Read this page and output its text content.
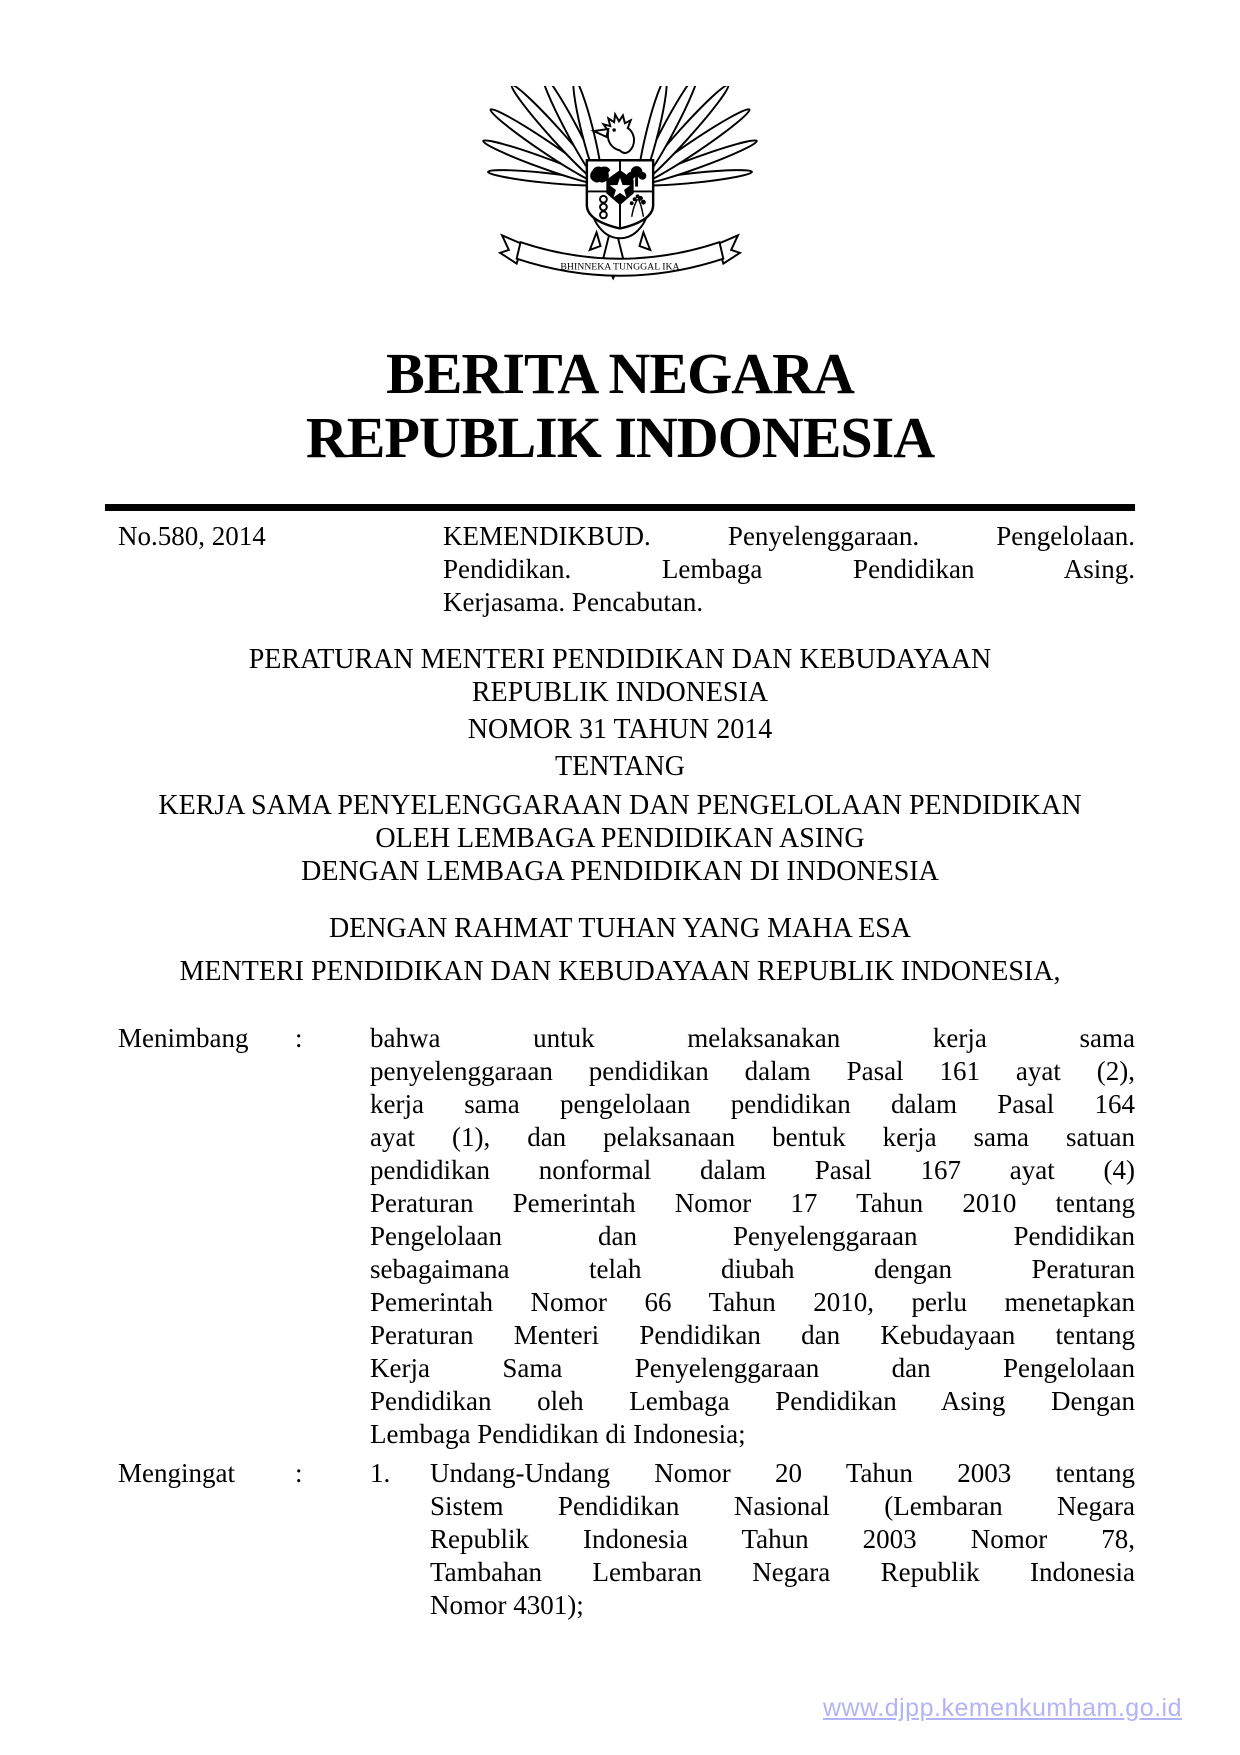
BHINNEKA TUNGGAL IKA
BERITA NEGARA
REPUBLIK INDONESIA
No.580, 2014	KEMENDIKBUD. Penyelenggaraan. Pengelolaan.
Pendidikan. Lembaga Pendidikan Asing.
Kerjasama. Pencabutan.
PERATURAN MENTERI PENDIDIKAN DAN KEBUDAYAAN
REPUBLIK INDONESIA
NOMOR 31 TAHUN 2014
TENTANG
KERJA SAMA PENYELENGGARAAN DAN PENGELOLAAN PENDIDIKAN
OLEH LEMBAGA PENDIDIKAN ASING
DENGAN LEMBAGA PENDIDIKAN DI INDONESIA
DENGAN RAHMAT TUHAN YANG MAHA ESA
MENTERI PENDIDIKAN DAN KEBUDAYAAN REPUBLIK INDONESIA,
Menimbang	:	bahwa untuk melaksanakan kerja sama
penyelenggaraan pendidikan dalam Pasal 161 ayat (2),
kerja sama pengelolaan pendidikan dalam Pasal 164
ayat (1), dan pelaksanaan bentuk kerja sama satuan
pendidikan nonformal dalam Pasal 167 ayat (4)
Peraturan Pemerintah Nomor 17 Tahun 2010 tentang
Pengelolaan dan Penyelenggaraan Pendidikan
sebagaimana telah diubah dengan Peraturan
Pemerintah Nomor 66 Tahun 2010, perlu menetapkan
Peraturan Menteri Pendidikan dan Kebudayaan tentang
Kerja Sama Penyelenggaraan dan Pengelolaan
Pendidikan oleh Lembaga Pendidikan Asing Dengan
Lembaga Pendidikan di Indonesia;
Mengingat	:	1.	Undang-Undang Nomor 20 Tahun 2003 tentang
Sistem Pendidikan Nasional (Lembaran Negara
Republik Indonesia Tahun 2003 Nomor 78,
Tambahan Lembaran Negara Republik Indonesia
Nomor 4301);
www.djpp.kemenkumham.go.id
